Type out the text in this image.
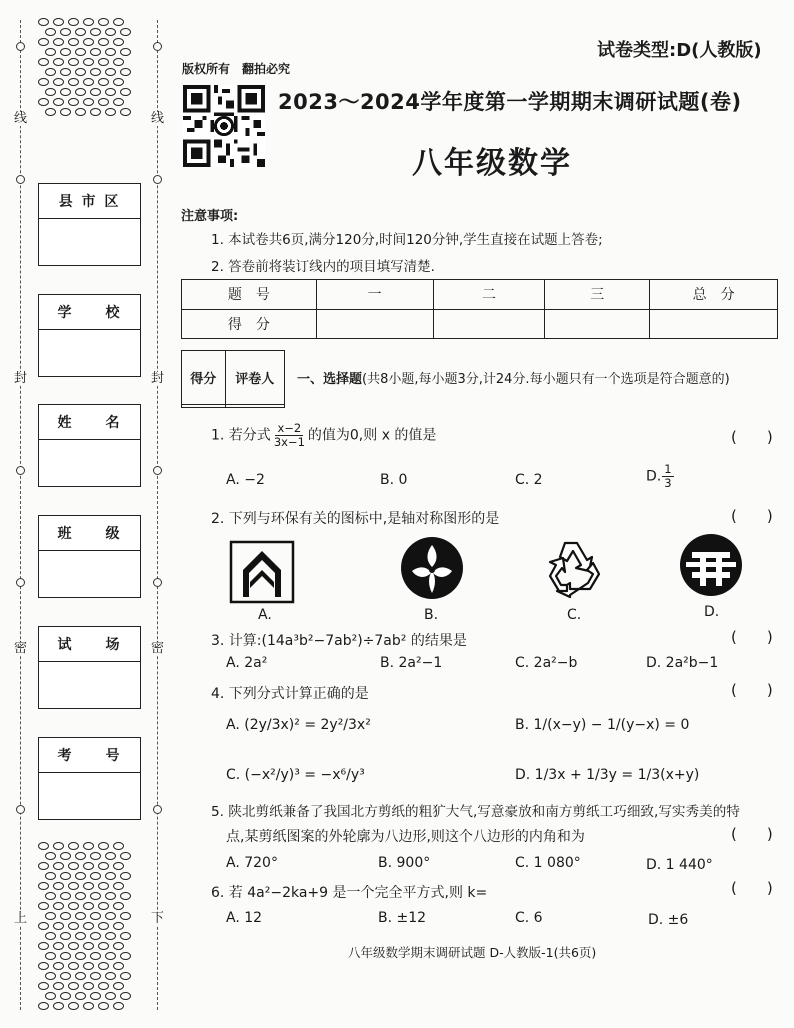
线	线
封	封
密	密
上	下
县 市 区
学　　校
姓　　名
班　　级
试　　场
考　　号
版权所有　翻拍必究
试卷类型:D(人教版)
2023～2024学年度第一学期期末调研试题(卷)
八年级数学
注意事项:
1. 本试卷共6页,满分120分,时间120分钟,学生直接在试题上答卷;
2. 答卷前将装订线内的项目填写清楚.
题　号	一	二	三	总　分
得　分				
得分	评卷人
	一、选择题(共8小题,每小题3分,计24分.每小题只有一个选项是符合题意的)
1. 若分式 $\frac{x-2}{3x-1}$ 的值为0,则 x 的值是	(　　)
A. −2	B. 0	C. 2	D. $\frac{1}{3}$
2. 下列与环保有关的图标中,是轴对称图形的是	(　　)
A.	B.	C.	D.
3. 计算:(14a³b²−7ab²)÷7ab² 的结果是	(　　)
A. 2a²	B. 2a²−1	C. 2a²−b	D. 2a²b−1
4. 下列分式计算正确的是	(　　)
A. (2y/3x)² = 2y²/3x²	B. 1/(x−y) − 1/(y−x) = 0
C. (−x²/y)³ = −x⁶/y³	D. 1/3x + 1/3y = 1/3(x+y)
5. 陕北剪纸兼备了我国北方剪纸的粗犷大气,写意豪放和南方剪纸工巧细致,写实秀美的特
点,某剪纸图案的外轮廓为八边形,则这个八边形的内角和为	(　　)
A. 720°	B. 900°	C. 1 080°	D. 1 440°
6. 若 4a²−2ka+9 是一个完全平方式,则 k=	(　　)
A. 12	B. ±12	C. 6	D. ±6
八年级数学期末调研试题 D-人教版-1(共6页)
